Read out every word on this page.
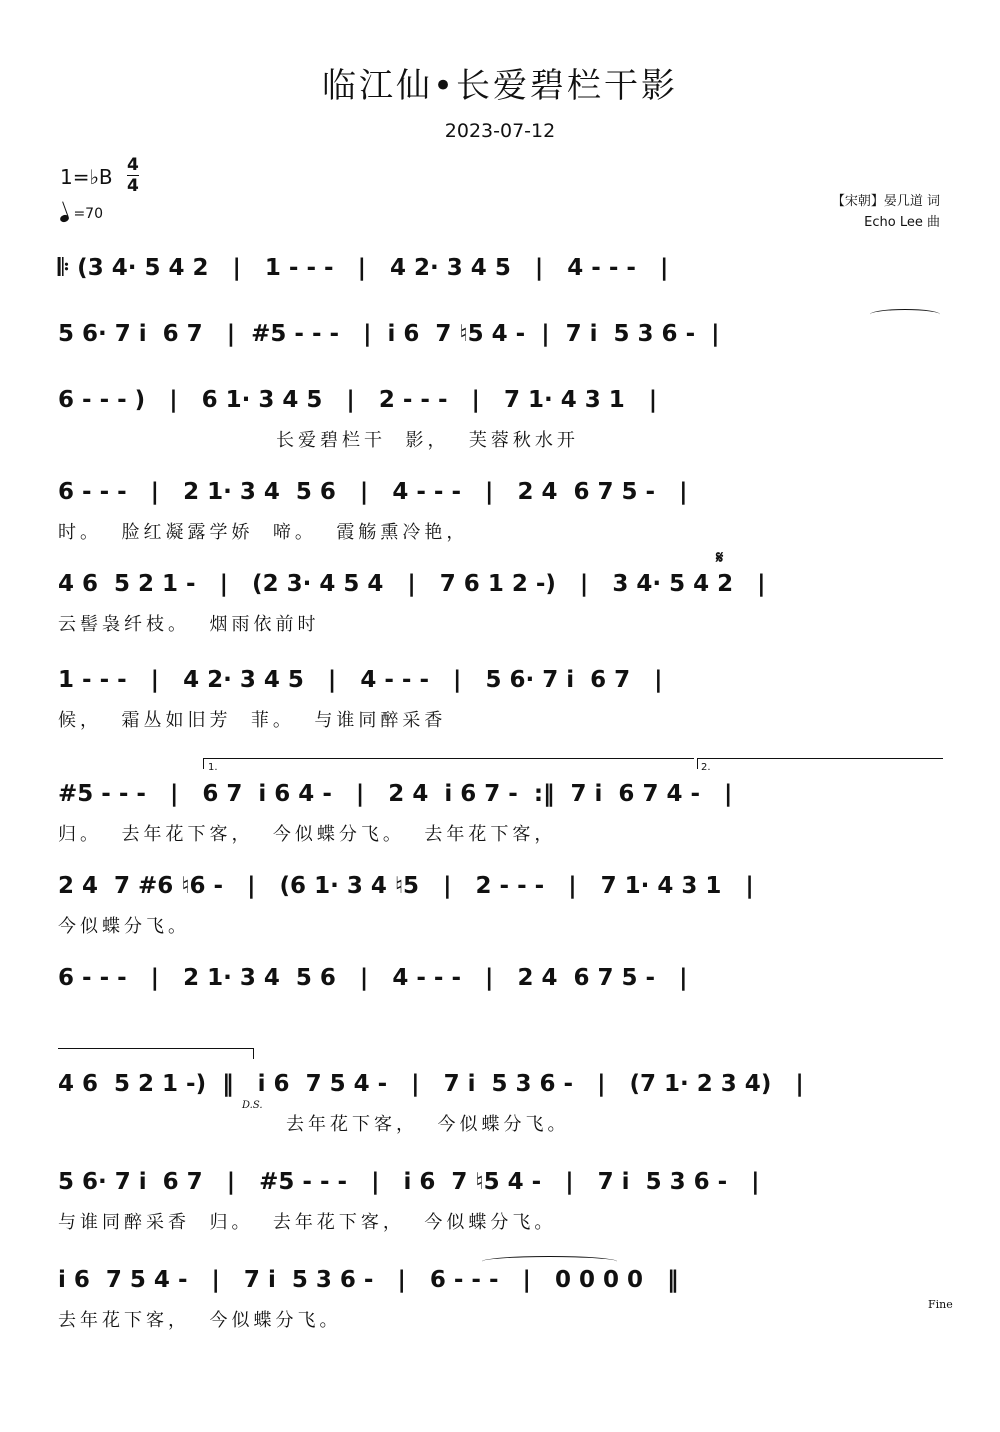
临江仙•长爱碧栏干影
2023-07-12
1=♭B 4
4
=70
【宋朝】晏几道 词
Echo Lee 曲
𝄆 (3 4· 5 4 2   |   1 - - -   |   4 2· 3 4 5   |   4 - - -   |
5 6· 7 i  6 7   |  #5 - - -   |  i 6  7 ♮5 4 -  |  7 i  5 3 6 -  |
6 - - - )   |   6 1· 3 4 5   |   2 - - -   |   7 1· 4 3 1   |
长爱碧栏干  影，  芙蓉秋水开
6 - - -   |   2 1· 3 4  5 6   |   4 - - -   |   2 4  6 7 5 -   |
时。  脸红凝露学娇  啼。  霞觞熏冷艳，
𝄋
4 6  5 2 1 -   |   (2 3· 4 5 4   |   7 6 1 2 -)   |   3 4· 5 4 2   |
云髻袅纤枝。  烟雨依前时
1 - - -   |   4 2· 3 4 5   |   4 - - -   |   5 6· 7 i  6 7   |
候，  霜丛如旧芳  菲。  与谁同醉采香
1.	2.
#5 - - -   |   6 7  i 6 4 -   |   2 4  i 6 7 -  :‖  7 i  6 7 4 -   |
归。  去年花下客，  今似蝶分飞。  去年花下客，
2 4  7 #6 ♮6 -   |   (6 1· 3 4 ♮5   |   2 - - -   |   7 1· 4 3 1   |
今似蝶分飞。
6 - - -   |   2 1· 3 4  5 6   |   4 - - -   |   2 4  6 7 5 -   |
4 6  5 2 1 -)  ‖   i 6  7 5 4 -   |   7 i  5 3 6 -   |   (7 1· 2 3 4)   |
D.S.
去年花下客，  今似蝶分飞。
5 6· 7 i  6 7   |   #5 - - -   |   i 6  7 ♮5 4 -   |   7 i  5 3 6 -   |
与谁同醉采香  归。  去年花下客，  今似蝶分飞。
i 6  7 5 4 -   |   7 i  5 3 6 -   |   6 - - -   |   0 0 0 0   ‖
Fine
去年花下客，  今似蝶分飞。
